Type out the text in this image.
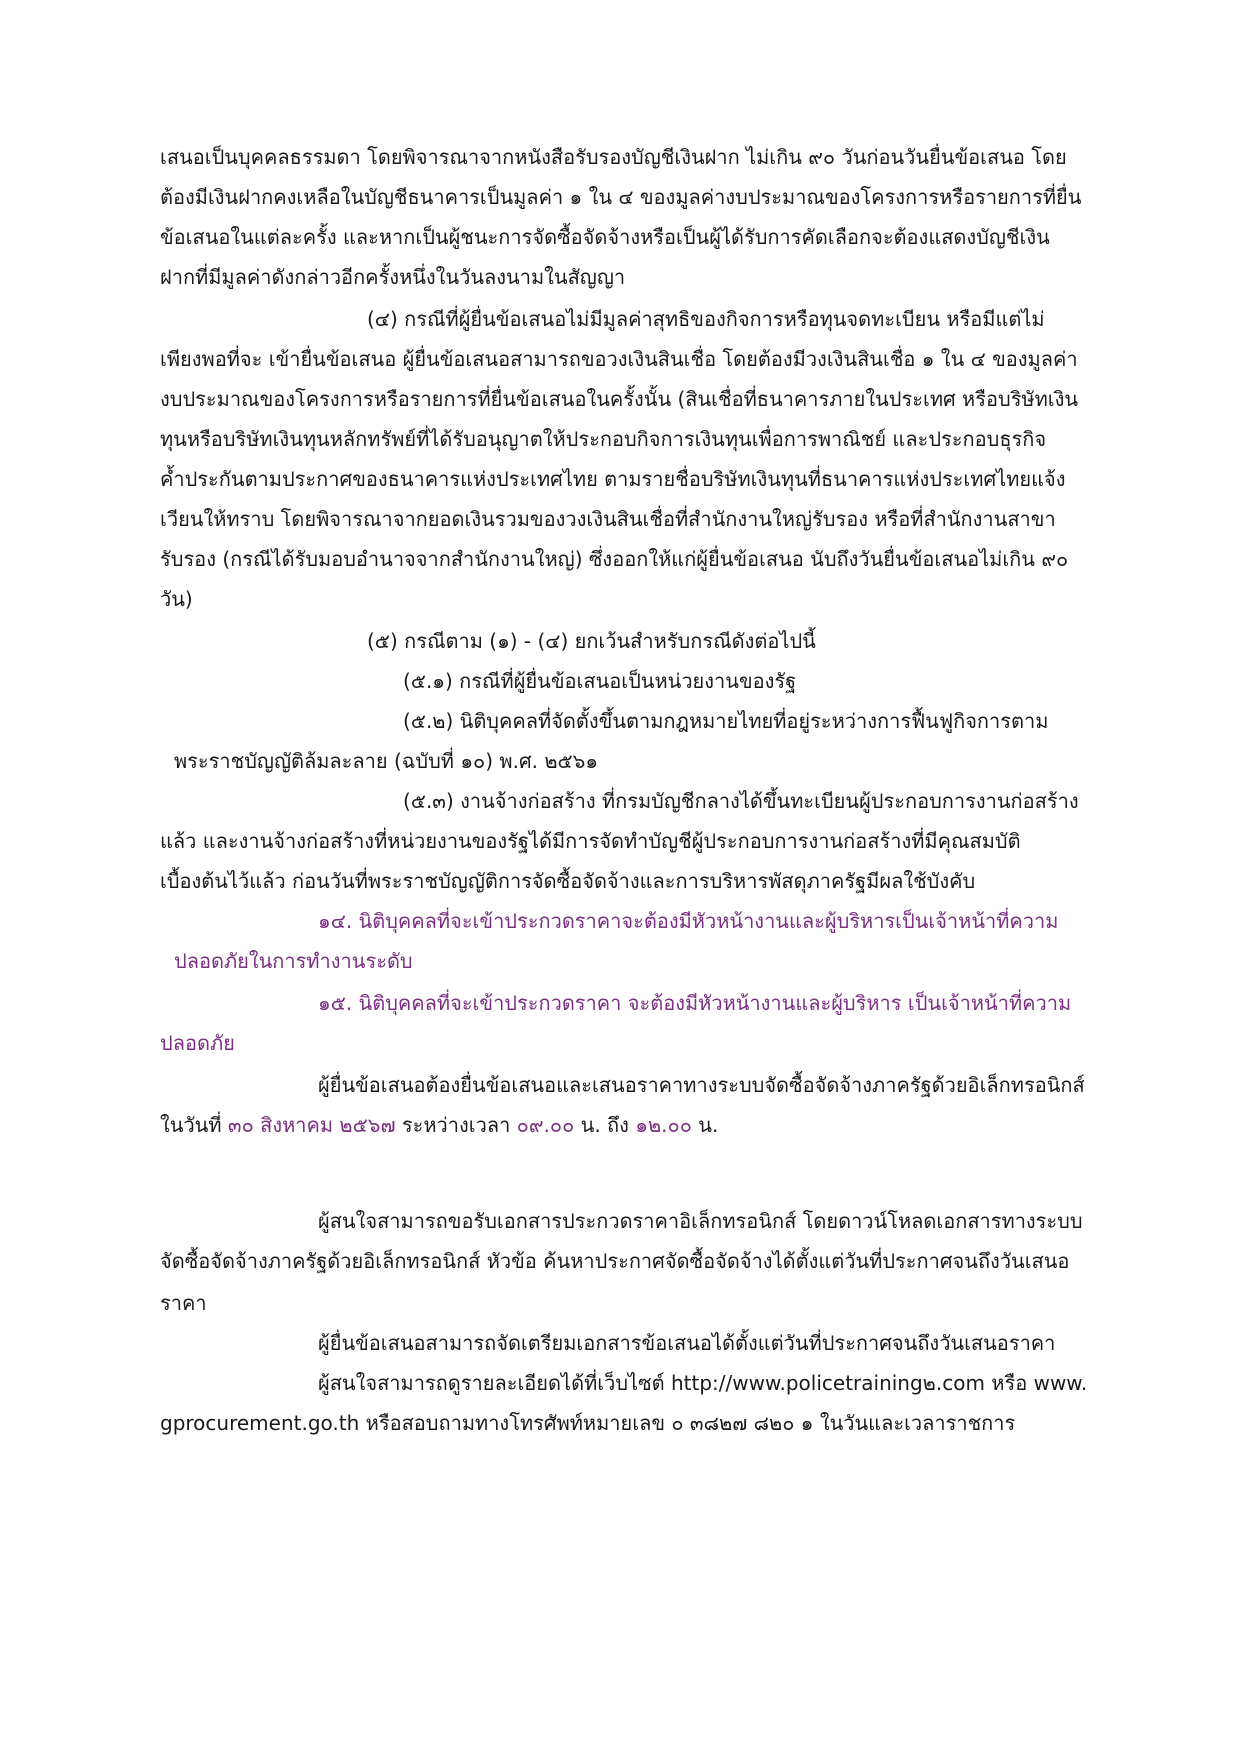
เสนอเป็นบุคคลธรรมดา โดยพิจารณาจากหนังสือรับรองบัญชีเงินฝาก ไม่เกิน ๙๐ วันก่อนวันยื่นข้อเสนอ โดย
ต้องมีเงินฝากคงเหลือในบัญชีธนาคารเป็นมูลค่า ๑ ใน ๔ ของมูลค่างบประมาณของโครงการหรือรายการที่ยื่น
ข้อเสนอในแต่ละครั้ง และหากเป็นผู้ชนะการจัดซื้อจัดจ้างหรือเป็นผู้ได้รับการคัดเลือกจะต้องแสดงบัญชีเงิน
ฝากที่มีมูลค่าดังกล่าวอีกครั้งหนึ่งในวันลงนามในสัญญา
(๔) กรณีที่ผู้ยื่นข้อเสนอไม่มีมูลค่าสุทธิของกิจการหรือทุนจดทะเบียน หรือมีแต่ไม่
เพียงพอที่จะ เข้ายื่นข้อเสนอ ผู้ยื่นข้อเสนอสามารถขอวงเงินสินเชื่อ โดยต้องมีวงเงินสินเชื่อ ๑ ใน ๔ ของมูลค่า
งบประมาณของโครงการหรือรายการที่ยื่นข้อเสนอในครั้งนั้น (สินเชื่อที่ธนาคารภายในประเทศ หรือบริษัทเงิน
ทุนหรือบริษัทเงินทุนหลักทรัพย์ที่ได้รับอนุญาตให้ประกอบกิจการเงินทุนเพื่อการพาณิชย์ และประกอบธุรกิจ
ค้ำประกันตามประกาศของธนาคารแห่งประเทศไทย ตามรายชื่อบริษัทเงินทุนที่ธนาคารแห่งประเทศไทยแจ้ง
เวียนให้ทราบ โดยพิจารณาจากยอดเงินรวมของวงเงินสินเชื่อที่สำนักงานใหญ่รับรอง หรือที่สำนักงานสาขา
รับรอง (กรณีได้รับมอบอำนาจจากสำนักงานใหญ่) ซึ่งออกให้แก่ผู้ยื่นข้อเสนอ นับถึงวันยื่นข้อเสนอไม่เกิน ๙๐
วัน)
(๕) กรณีตาม (๑) - (๔) ยกเว้นสำหรับกรณีดังต่อไปนี้
(๕.๑) กรณีที่ผู้ยื่นข้อเสนอเป็นหน่วยงานของรัฐ
(๕.๒) นิติบุคคลที่จัดตั้งขึ้นตามกฎหมายไทยที่อยู่ระหว่างการฟื้นฟูกิจการตาม
พระราชบัญญัติล้มละลาย (ฉบับที่ ๑๐) พ.ศ. ๒๕๖๑
(๕.๓) งานจ้างก่อสร้าง ที่กรมบัญชีกลางได้ขึ้นทะเบียนผู้ประกอบการงานก่อสร้าง
แล้ว และงานจ้างก่อสร้างที่หน่วยงานของรัฐได้มีการจัดทำบัญชีผู้ประกอบการงานก่อสร้างที่มีคุณสมบัติ
เบื้องต้นไว้แล้ว ก่อนวันที่พระราชบัญญัติการจัดซื้อจัดจ้างและการบริหารพัสดุภาครัฐมีผลใช้บังคับ
๑๔. นิติบุคคลที่จะเข้าประกวดราคาจะต้องมีหัวหน้างานและผู้บริหารเป็นเจ้าหน้าที่ความ
ปลอดภัยในการทำงานระดับ
๑๕. นิติบุคคลที่จะเข้าประกวดราคา จะต้องมีหัวหน้างานและผู้บริหาร เป็นเจ้าหน้าที่ความ
ปลอดภัย
ผู้ยื่นข้อเสนอต้องยื่นข้อเสนอและเสนอราคาทางระบบจัดซื้อจัดจ้างภาครัฐด้วยอิเล็กทรอนิกส์
ในวันที่ ๓๐ สิงหาคม ๒๕๖๗ ระหว่างเวลา ๐๙.๐๐ น. ถึง ๑๒.๐๐ น.
ผู้สนใจสามารถขอรับเอกสารประกวดราคาอิเล็กทรอนิกส์ โดยดาวน์โหลดเอกสารทางระบบ
จัดซื้อจัดจ้างภาครัฐด้วยอิเล็กทรอนิกส์ หัวข้อ ค้นหาประกาศจัดซื้อจัดจ้างได้ตั้งแต่วันที่ประกาศจนถึงวันเสนอ
ราคา
ผู้ยื่นข้อเสนอสามารถจัดเตรียมเอกสารข้อเสนอได้ตั้งแต่วันที่ประกาศจนถึงวันเสนอราคา
ผู้สนใจสามารถดูรายละเอียดได้ที่เว็บไซต์ http://www.policetraining๒.com หรือ www.
gprocurement.go.th หรือสอบถามทางโทรศัพท์หมายเลข ๐ ๓๘๒๗ ๘๒๐ ๑ ในวันและเวลาราชการ
